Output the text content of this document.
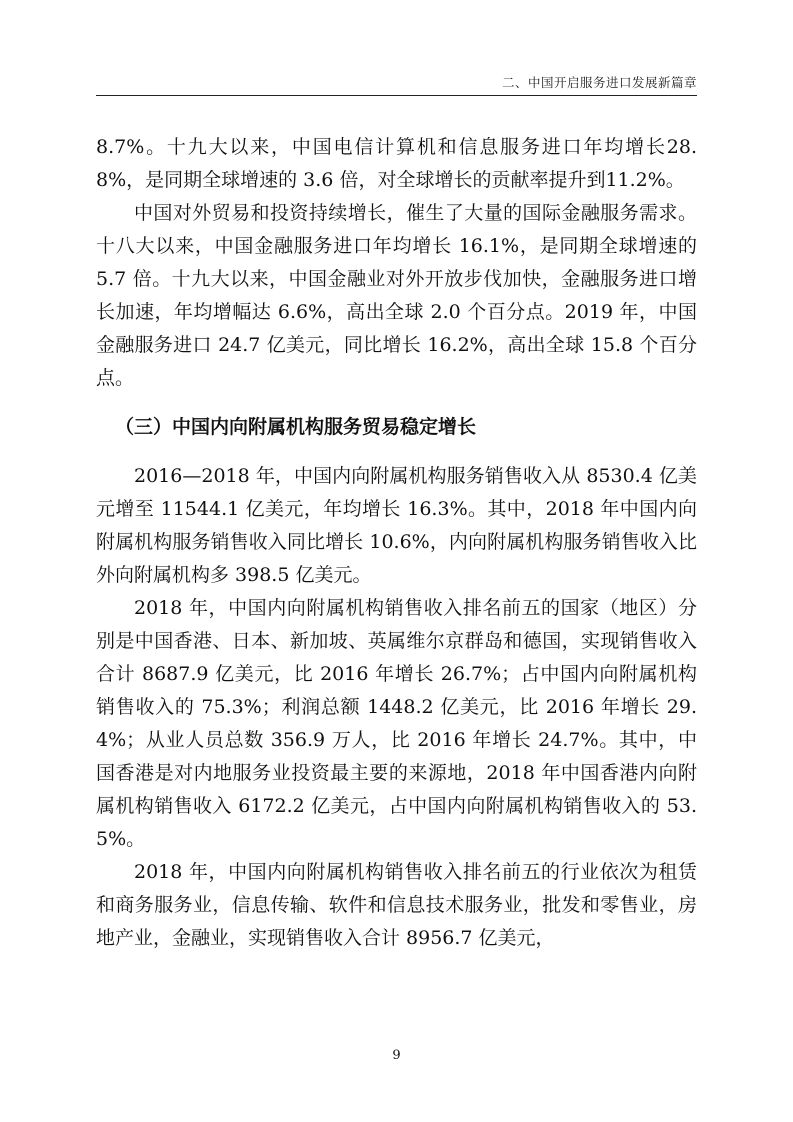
二、中国开启服务进口发展新篇章

8.7%。十九大以来，中国电信计算机和信息服务进口年均增长28.8%，是同期全球增速的 3.6 倍，对全球增长的贡献率提升到11.2%。

中国对外贸易和投资持续增长，催生了大量的国际金融服务需求。十八大以来，中国金融服务进口年均增长 16.1%，是同期全球增速的 5.7 倍。十九大以来，中国金融业对外开放步伐加快，金融服务进口增长加速，年均增幅达 6.6%，高出全球 2.0 个百分点。2019 年，中国金融服务进口 24.7 亿美元，同比增长 16.2%，高出全球 15.8 个百分点。

（三）中国内向附属机构服务贸易稳定增长

2016—2018 年，中国内向附属机构服务销售收入从 8530.4 亿美元增至 11544.1 亿美元，年均增长 16.3%。其中，2018 年中国内向附属机构服务销售收入同比增长 10.6%，内向附属机构服务销售收入比外向附属机构多 398.5 亿美元。

2018 年，中国内向附属机构销售收入排名前五的国家（地区）分别是中国香港、日本、新加坡、英属维尔京群岛和德国，实现销售收入合计 8687.9 亿美元，比 2016 年增长 26.7%；占中国内向附属机构销售收入的 75.3%；利润总额 1448.2 亿美元，比 2016 年增长 29.4%；从业人员总数 356.9 万人，比 2016 年增长 24.7%。其中，中国香港是对内地服务业投资最主要的来源地，2018 年中国香港内向附属机构销售收入 6172.2 亿美元，占中国内向附属机构销售收入的 53.5%。

2018 年，中国内向附属机构销售收入排名前五的行业依次为租赁和商务服务业，信息传输、软件和信息技术服务业，批发和零售业，房地产业，金融业，实现销售收入合计 8956.7 亿美元，

9
